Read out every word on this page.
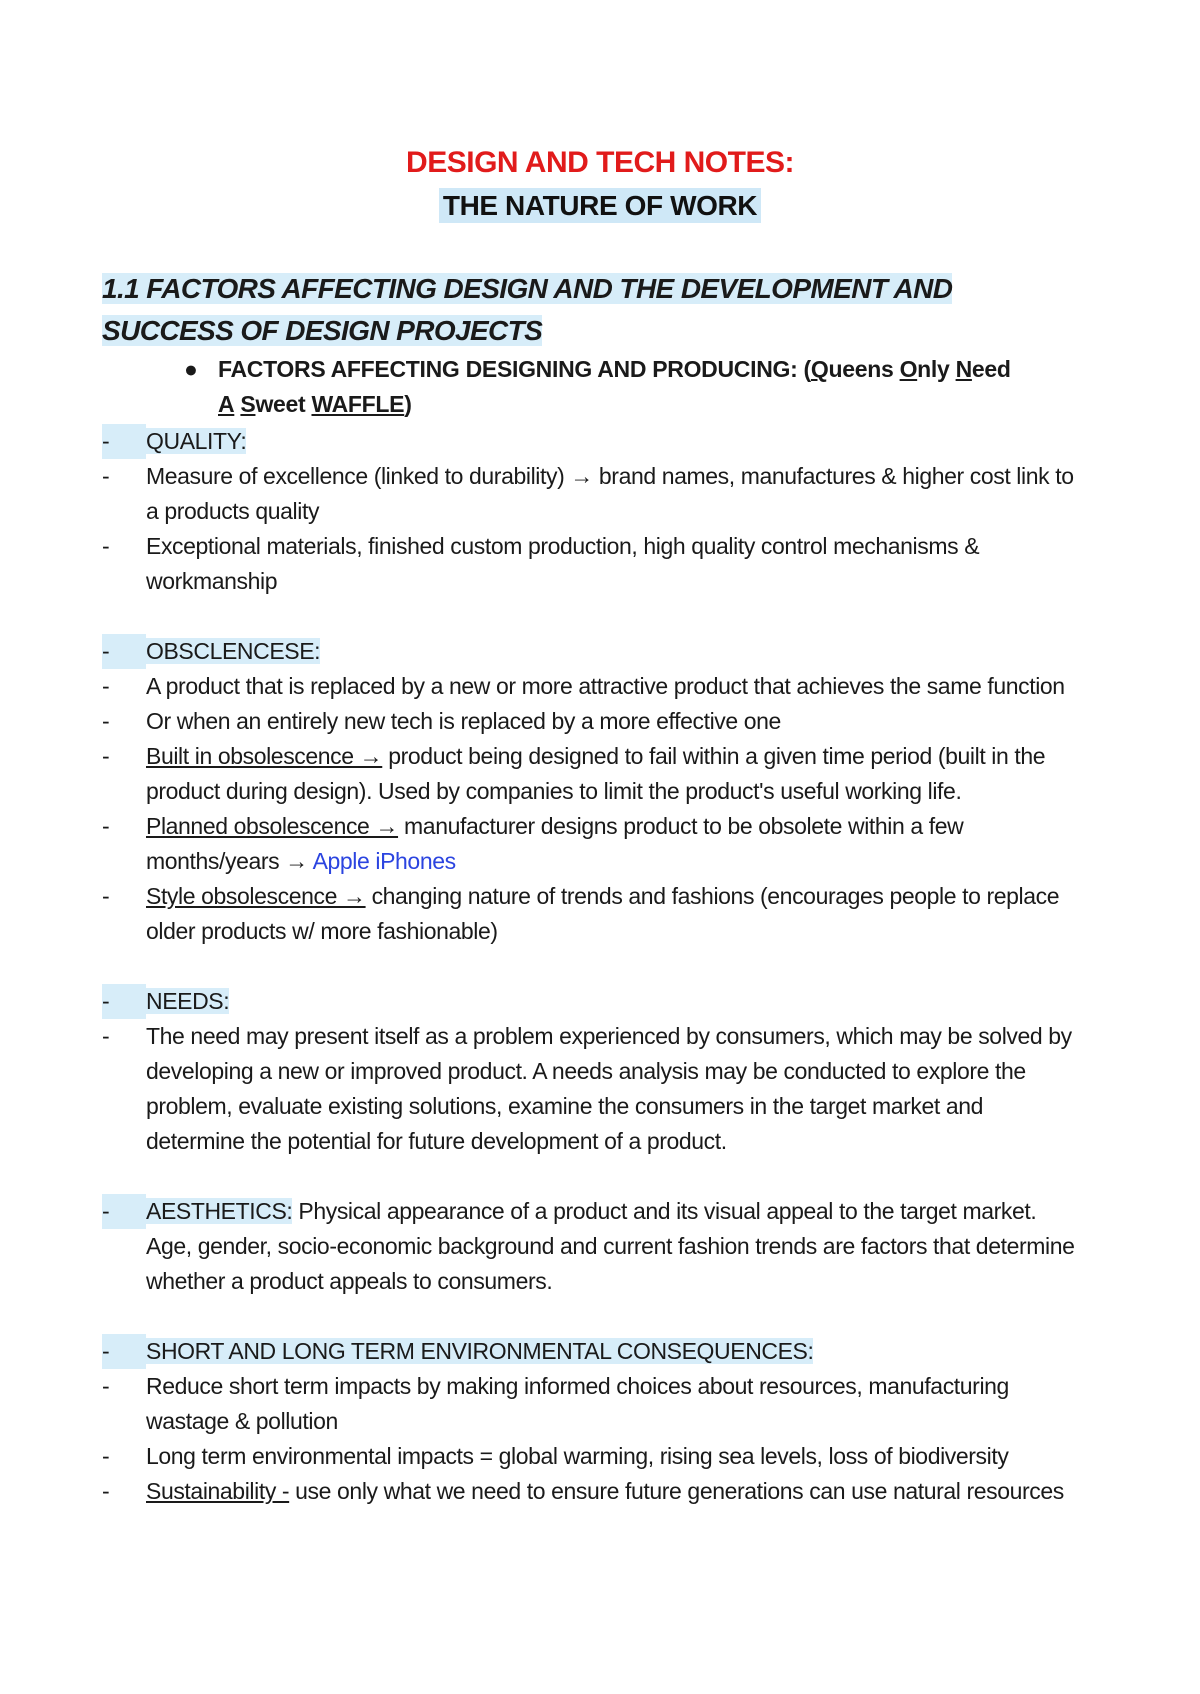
DESIGN AND TECH NOTES:
THE NATURE OF WORK
1.1 FACTORS AFFECTING DESIGN AND THE DEVELOPMENT AND
SUCCESS OF DESIGN PROJECTS
● FACTORS AFFECTING DESIGNING AND PRODUCING: (Queens Only Need A Sweet WAFFLE)
-	QUALITY:
-	Measure of excellence (linked to durability) → brand names, manufactures & higher cost link to a products quality
-	Exceptional materials, finished custom production, high quality control mechanisms & workmanship
-	OBSCLENCESE:
-	A product that is replaced by a new or more attractive product that achieves the same function
-	Or when an entirely new tech is replaced by a more effective one
-	Built in obsolescence → product being designed to fail within a given time period (built in the product during design). Used by companies to limit the product's useful working life.
-	Planned obsolescence → manufacturer designs product to be obsolete within a few months/years → Apple iPhones
-	Style obsolescence → changing nature of trends and fashions (encourages people to replace older products w/ more fashionable)
-	NEEDS:
-	The need may present itself as a problem experienced by consumers, which may be solved by developing a new or improved product. A needs analysis may be conducted to explore the problem, evaluate existing solutions, examine the consumers in the target market and determine the potential for future development of a product.
-	AESTHETICS: Physical appearance of a product and its visual appeal to the target market. Age, gender, socio-economic background and current fashion trends are factors that determine whether a product appeals to consumers.
-	SHORT AND LONG TERM ENVIRONMENTAL CONSEQUENCES:
-	Reduce short term impacts by making informed choices about resources, manufacturing wastage & pollution
-	Long term environmental impacts = global warming, rising sea levels, loss of biodiversity
-	Sustainability - use only what we need to ensure future generations can use natural resources
